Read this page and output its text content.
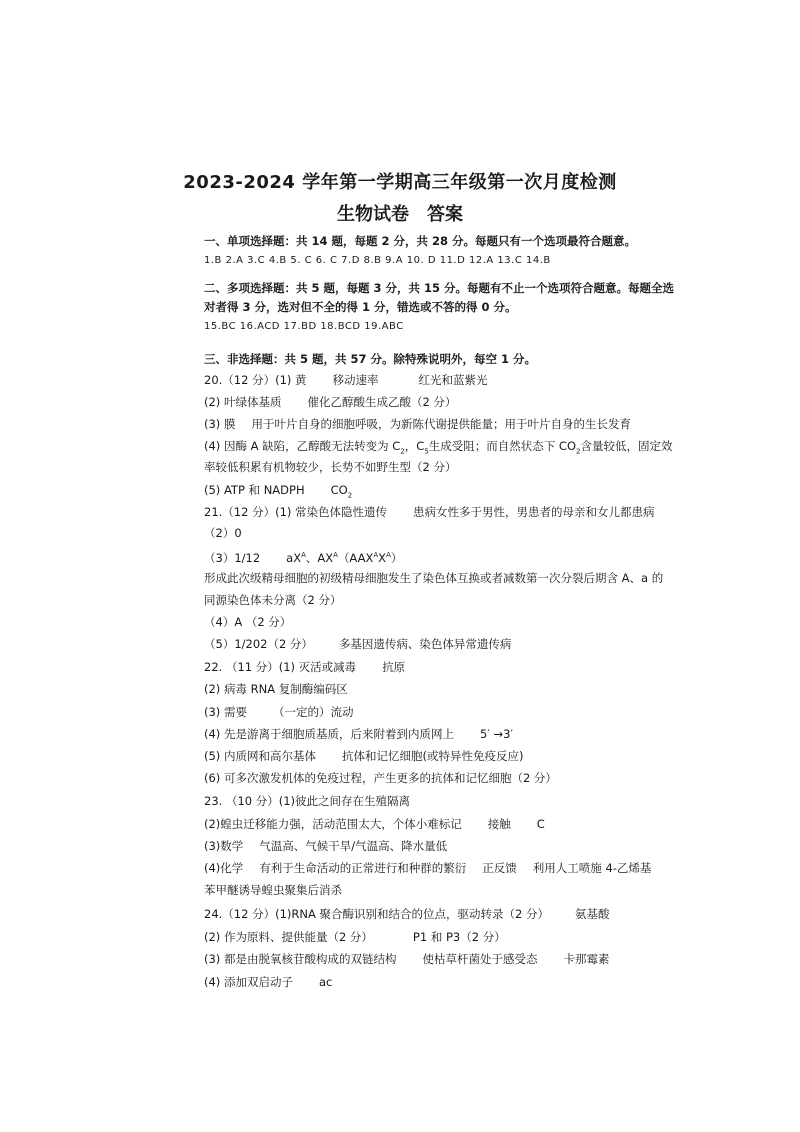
2023-2024 学年第一学期高三年级第一次月度检测
生物试卷 答案
一、单项选择题：共 14 题，每题 2 分，共 28 分。每题只有一个选项最符合题意。
1.B 2.A 3.C 4.B 5. C 6. C 7.D 8.B 9.A 10. D 11.D 12.A 13.C 14.B
二、多项选择题：共 5 题，每题 3 分，共 15 分。每题有不止一个选项符合题意。每题全选
对者得 3 分，选对但不全的得 1 分，错选或不答的得 0 分。
15.BC 16.ACD 17.BD 18.BCD 19.ABC
三、非选择题：共 5 题，共 57 分。除特殊说明外，每空 1 分。
20.（12 分）(1) 黄 移动速率	红光和蓝紫光
(2) 叶绿体基质 催化乙醇酸生成乙酸（2 分）
(3) 膜 用于叶片自身的细胞呼吸，为新陈代谢提供能量；用于叶片自身的生长发育
(4) 因酶 A 缺陷，乙醇酸无法转变为 $C_2$，$C_5$生成受阻；而自然状态下 $CO_2$含量较低，固定效
率较低积累有机物较少，长势不如野生型（2 分）
(5) ATP 和 NADPH $CO_2$
21.（12 分）(1) 常染色体隐性遗传 患病女性多于男性，男患者的母亲和女儿都患病
（2）0
（3）1/12 $aX^A$、$AX^A(AAX^AX^A)$
形成此次级精母细胞的初级精母细胞发生了染色体互换或者减数第一次分裂后期含 A、a 的
同源染色体未分离（2 分）
（4）A （2 分）
（5）1/202（2 分） 多基因遗传病、染色体异常遗传病
22. （11 分）(1) 灭活或减毒 抗原
(2) 病毒 RNA 复制酶编码区
(3) 需要 （一定的）流动
(4) 先是游离于细胞质基质，后来附着到内质网上 5′ →3′
(5) 内质网和高尔基体 抗体和记忆细胞(或特异性免疫反应)
(6) 可多次激发机体的免疫过程，产生更多的抗体和记忆细胞（2 分）
23. （10 分）(1)彼此之间存在生殖隔离
(2)蝗虫迁移能力强，活动范围太大，个体小难标记 接触 C
(3)数学 气温高、气候干旱/气温高、降水量低
(4)化学 有利于生命活动的正常进行和种群的繁衍 正反馈 利用人工喷施 4-乙烯基
苯甲醚诱导蝗虫聚集后消杀
24.（12 分）(1)RNA 聚合酶识别和结合的位点，驱动转录（2 分） 氨基酸
(2) 作为原料、提供能量（2 分）	P1 和 P3（2 分）
(3) 都是由脱氧核苷酸构成的双链结构 使枯草杆菌处于感受态 卡那霉素
(4) 添加双启动子 ac
